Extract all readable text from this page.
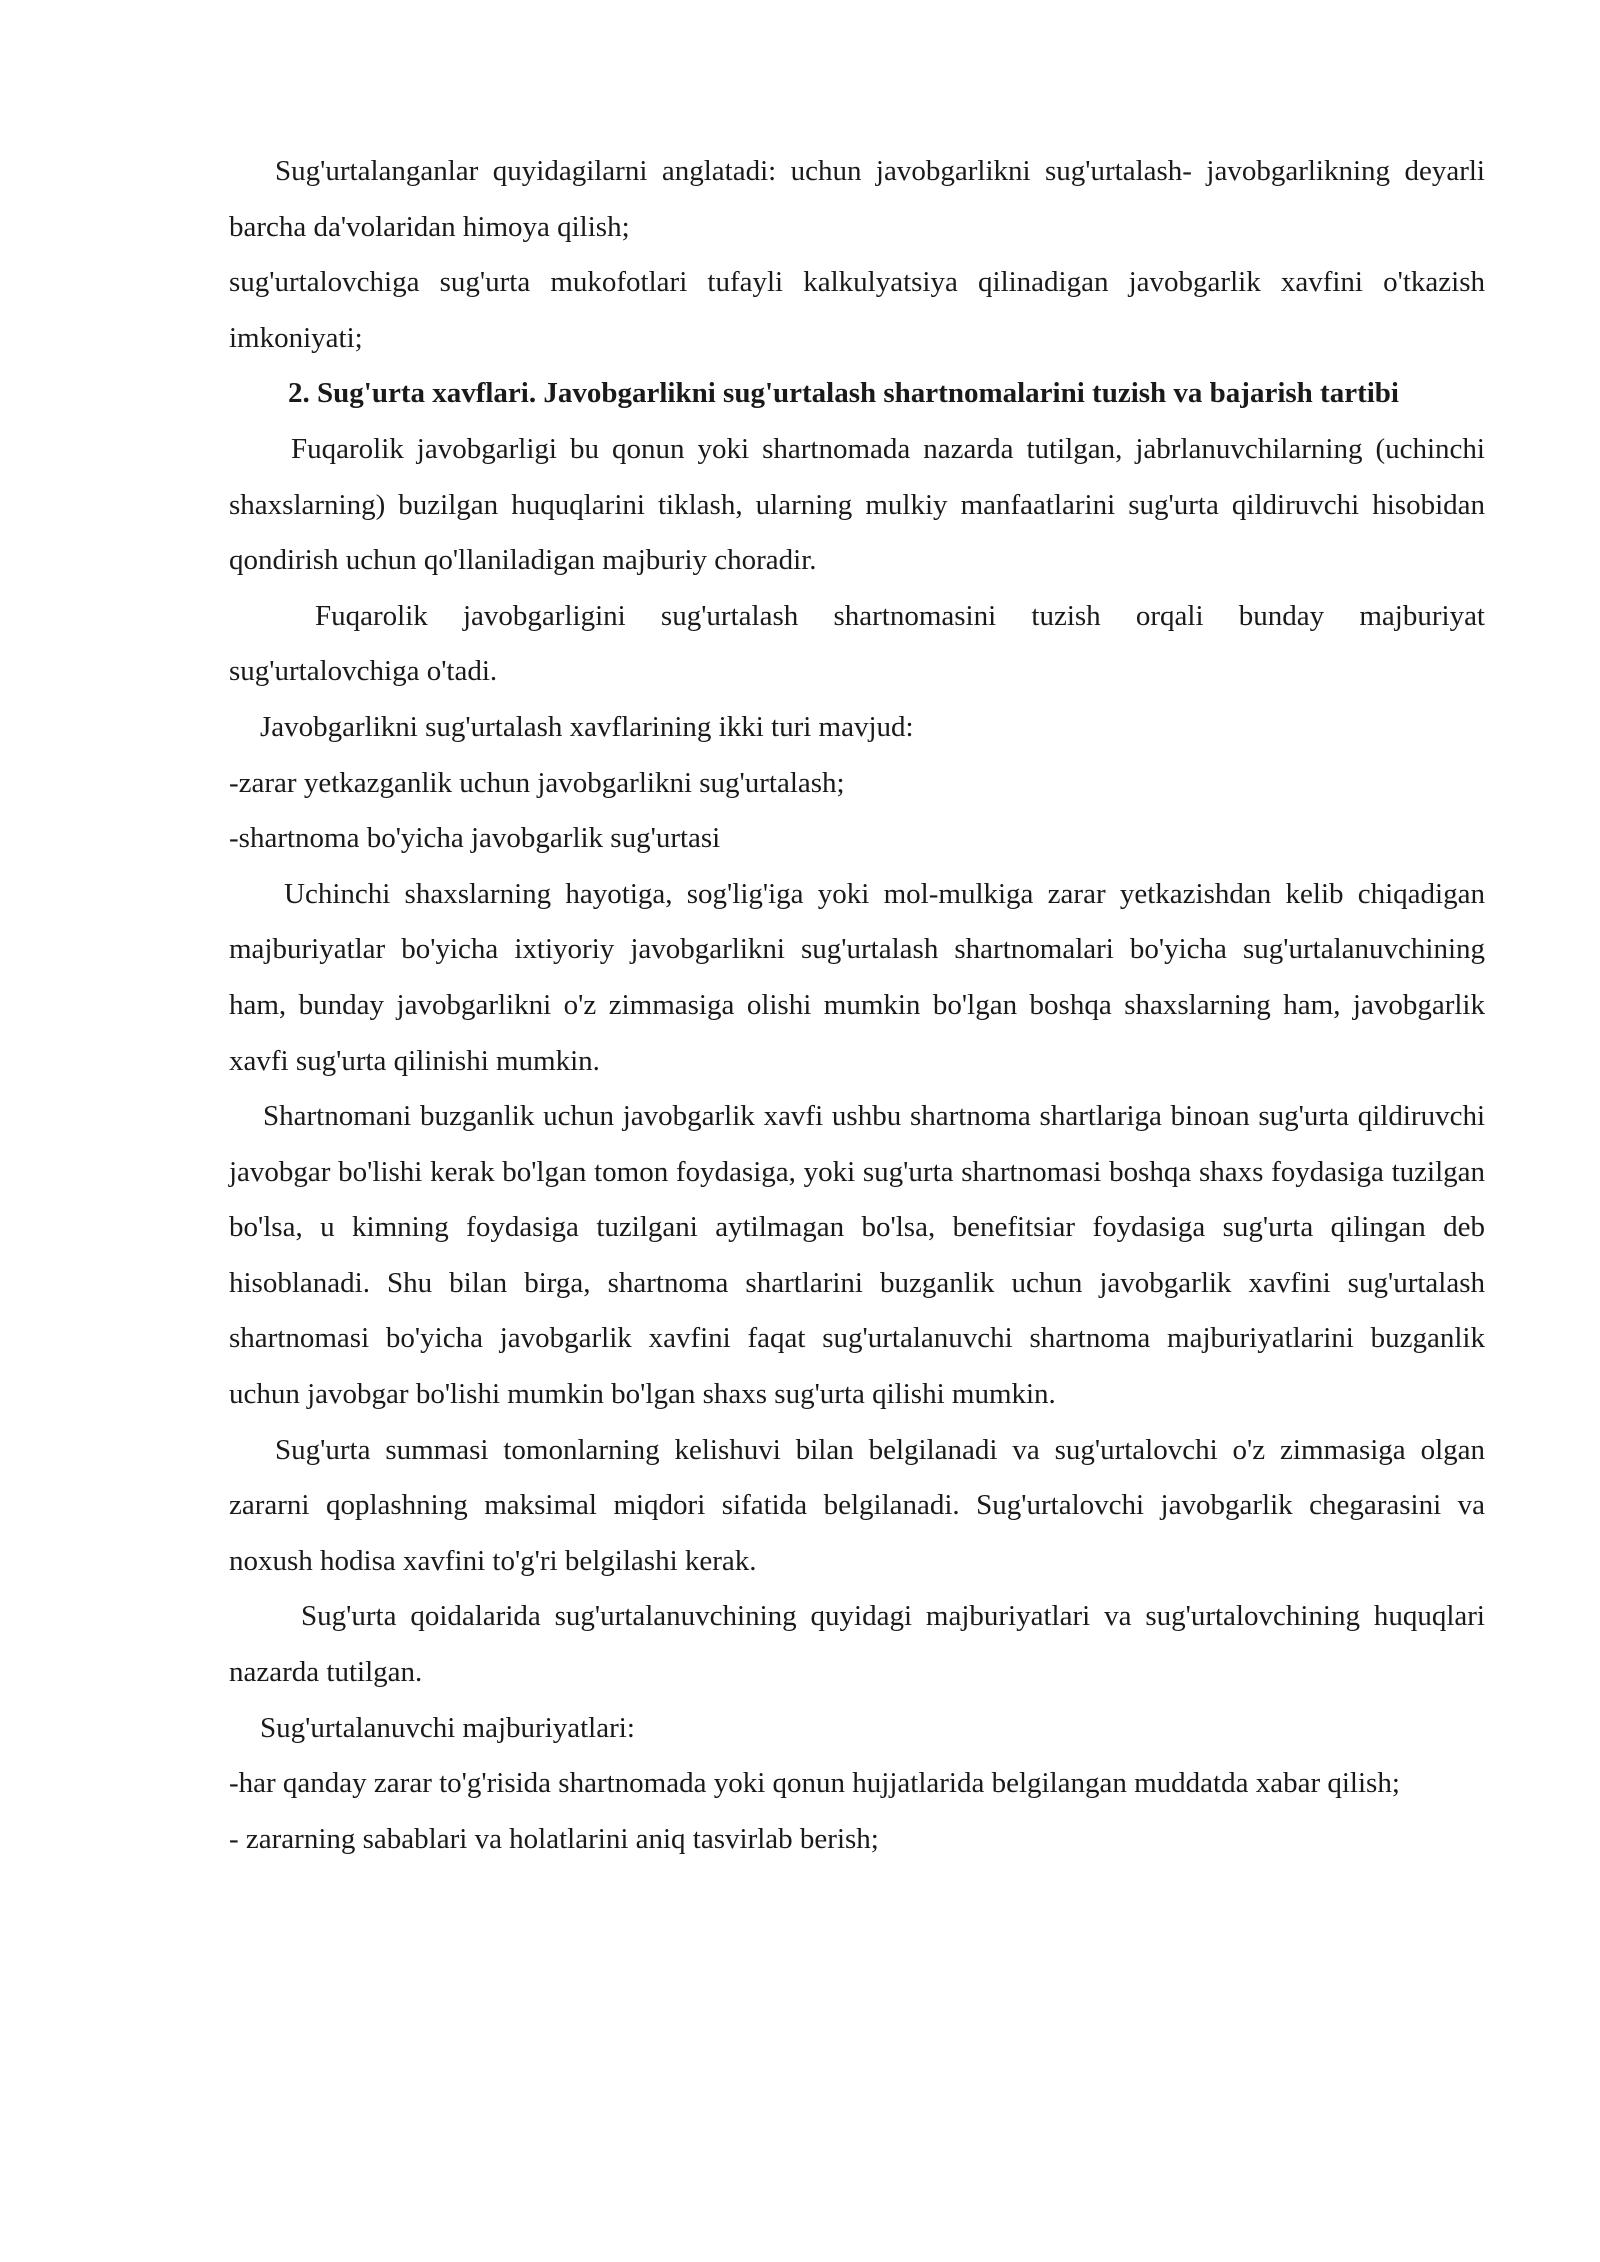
Sug'urtalanganlar quyidagilarni anglatadi: uchun javobgarlikni sug'urtalash- javobgarlikning deyarli barcha da'volaridan himoya qilish;

sug'urtalovchiga sug'urta mukofotlari tufayli kalkulyatsiya qilinadigan javobgarlik xavfini o'tkazish imkoniyati;

2. Sug'urta xavflari. Javobgarlikni sug'urtalash shartnomalarini tuzish va bajarish tartibi

Fuqarolik javobgarligi bu qonun yoki shartnomada nazarda tutilgan, jabrlanuvchilarning (uchinchi shaxslarning) buzilgan huquqlarini tiklash, ularning mulkiy manfaatlarini sug'urta qildiruvchi hisobidan qondirish uchun qo'llaniladigan majburiy choradir.

Fuqarolik javobgarligini sug'urtalash shartnomasini tuzish orqali bunday majburiyat sug'urtalovchiga o'tadi.

Javobgarlikni sug'urtalash xavflarining ikki turi mavjud:

-zarar yetkazganlik uchun javobgarlikni sug'urtalash;

-shartnoma bo'yicha javobgarlik sug'urtasi

Uchinchi shaxslarning hayotiga, sog'lig'iga yoki mol-mulkiga zarar yetkazishdan kelib chiqadigan majburiyatlar bo'yicha ixtiyoriy javobgarlikni sug'urtalash shartnomalari bo'yicha sug'urtalanuvchining ham, bunday javobgarlikni o'z zimmasiga olishi mumkin bo'lgan boshqa shaxslarning ham, javobgarlik xavfi sug'urta qilinishi mumkin.

Shartnomani buzganlik uchun javobgarlik xavfi ushbu shartnoma shartlariga binoan sug'urta qildiruvchi javobgar bo'lishi kerak bo'lgan tomon foydasiga, yoki sug'urta shartnomasi boshqa shaxs foydasiga tuzilgan bo'lsa, u kimning foydasiga tuzilgani aytilmagan bo'lsa, benefitsiar foydasiga sug'urta qilingan deb hisoblanadi. Shu bilan birga, shartnoma shartlarini buzganlik uchun javobgarlik xavfini sug'urtalash shartnomasi bo'yicha javobgarlik xavfini faqat sug'urtalanuvchi shartnoma majburiyatlarini buzganlik uchun javobgar bo'lishi mumkin bo'lgan shaxs sug'urta qilishi mumkin.

Sug'urta summasi tomonlarning kelishuvi bilan belgilanadi va sug'urtalovchi o'z zimmasiga olgan zararni qoplashning maksimal miqdori sifatida belgilanadi. Sug'urtalovchi javobgarlik chegarasini va noxush hodisa xavfini to'g'ri belgilashi kerak.

Sug'urta qoidalarida sug'urtalanuvchining quyidagi majburiyatlari va sug'urtalovchining huquqlari nazarda tutilgan.

Sug'urtalanuvchi majburiyatlari:

-har qanday zarar to'g'risida shartnomada yoki qonun hujjatlarida belgilangan muddatda xabar qilish;

- zararning sabablari va holatlarini aniq tasvirlab berish;
